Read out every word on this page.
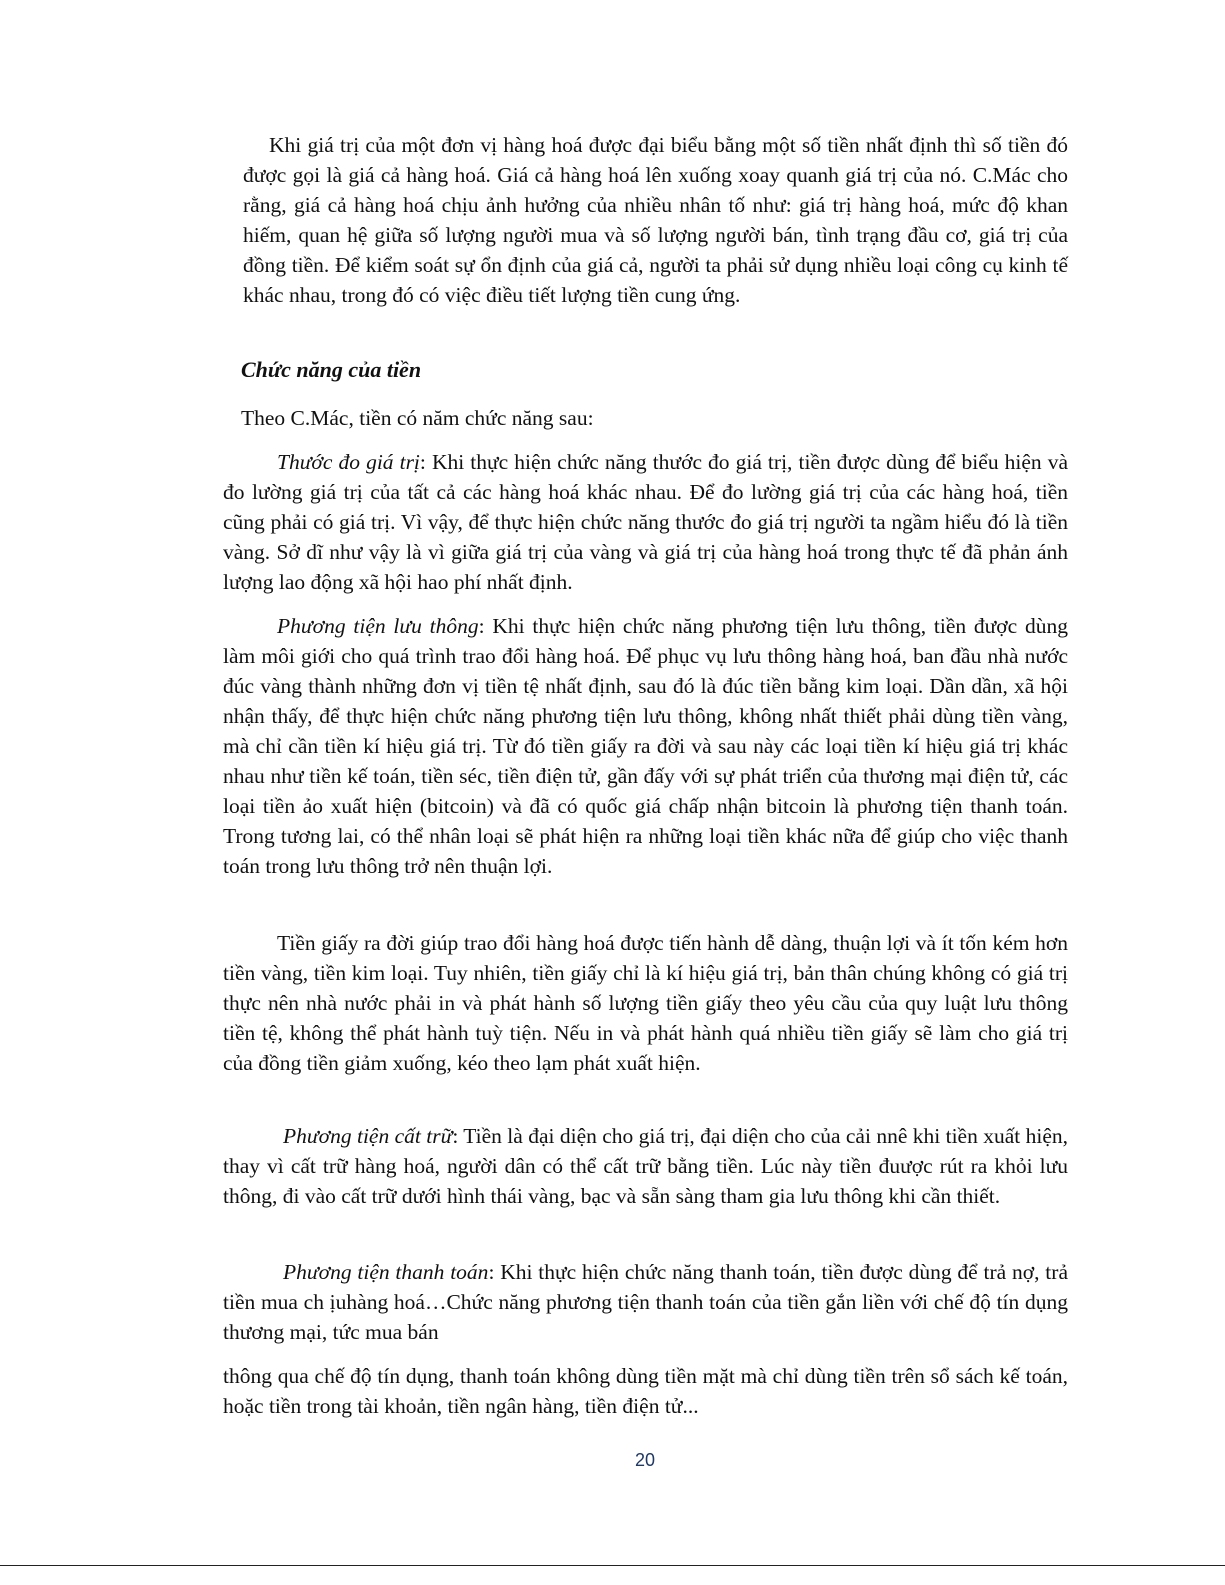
Khi giá trị của một đơn vị hàng hoá được đại biểu bằng một số tiền nhất định thì số tiền đó được gọi là giá cả hàng hoá. Giá cả hàng hoá lên xuống xoay quanh giá trị của nó. C.Mác cho rằng, giá cả hàng hoá chịu ảnh hưởng của nhiều nhân tố như: giá trị hàng hoá, mức độ khan hiếm, quan hệ giữa số lượng người mua và số lượng người bán, tình trạng đầu cơ, giá trị của đồng tiền. Để kiểm soát sự ổn định của giá cả, người ta phải sử dụng nhiều loại công cụ kinh tế khác nhau, trong đó có việc điều tiết lượng tiền cung ứng.

Chức năng của tiền

Theo C.Mác, tiền có năm chức năng sau:

Thước đo giá trị: Khi thực hiện chức năng thước đo giá trị, tiền được dùng để biểu hiện và đo lường giá trị của tất cả các hàng hoá khác nhau. Để đo lường giá trị của các hàng hoá, tiền cũng phải có giá trị. Vì vậy, để thực hiện chức năng thước đo giá trị người ta ngầm hiểu đó là tiền vàng. Sở dĩ như vậy là vì giữa giá trị của vàng và giá trị của hàng hoá trong thực tế đã phản ánh lượng lao động xã hội hao phí nhất định.

Phương tiện lưu thông: Khi thực hiện chức năng phương tiện lưu thông, tiền được dùng làm môi giới cho quá trình trao đổi hàng hoá. Để phục vụ lưu thông hàng hoá, ban đầu nhà nước đúc vàng thành những đơn vị tiền tệ nhất định, sau đó là đúc tiền bằng kim loại. Dần dần, xã hội nhận thấy, để thực hiện chức năng phương tiện lưu thông, không nhất thiết phải dùng tiền vàng, mà chỉ cần tiền kí hiệu giá trị. Từ đó tiền giấy ra đời và sau này các loại tiền kí hiệu giá trị khác nhau như tiền kế toán, tiền séc, tiền điện tử, gần đấy với sự phát triển của thương mại điện tử, các loại tiền ảo xuất hiện (bitcoin) và đã có quốc giá chấp nhận bitcoin là phương tiện thanh toán. Trong tương lai, có thể nhân loại sẽ phát hiện ra những loại tiền khác nữa để giúp cho việc thanh toán trong lưu thông trở nên thuận lợi.

Tiền giấy ra đời giúp trao đổi hàng hoá được tiến hành dễ dàng, thuận lợi và ít tốn kém hơn tiền vàng, tiền kim loại. Tuy nhiên, tiền giấy chỉ là kí hiệu giá trị, bản thân chúng không có giá trị thực nên nhà nước phải in và phát hành số lượng tiền giấy theo yêu cầu của quy luật lưu thông tiền tệ, không thể phát hành tuỳ tiện. Nếu in và phát hành quá nhiều tiền giấy sẽ làm cho giá trị của đồng tiền giảm xuống, kéo theo lạm phát xuất hiện.

Phương tiện cất trữ: Tiền là đại diện cho giá trị, đại diện cho của cải nnê khi tiền xuất hiện, thay vì cất trữ hàng hoá, người dân có thể cất trữ bằng tiền. Lúc này tiền đuược rút ra khỏi lưu thông, đi vào cất trữ dưới hình thái vàng, bạc và sẵn sàng tham gia lưu thông khi cần thiết.

Phương tiện thanh toán: Khi thực hiện chức năng thanh toán, tiền được dùng để trả nợ, trả tiền mua ch ịuhàng hoá…Chức năng phương tiện thanh toán của tiền gắn liền với chế độ tín dụng thương mại, tức mua bán

thông qua chế độ tín dụng, thanh toán không dùng tiền mặt mà chỉ dùng tiền trên sổ sách kế toán, hoặc tiền trong tài khoản, tiền ngân hàng, tiền điện tử...

20
